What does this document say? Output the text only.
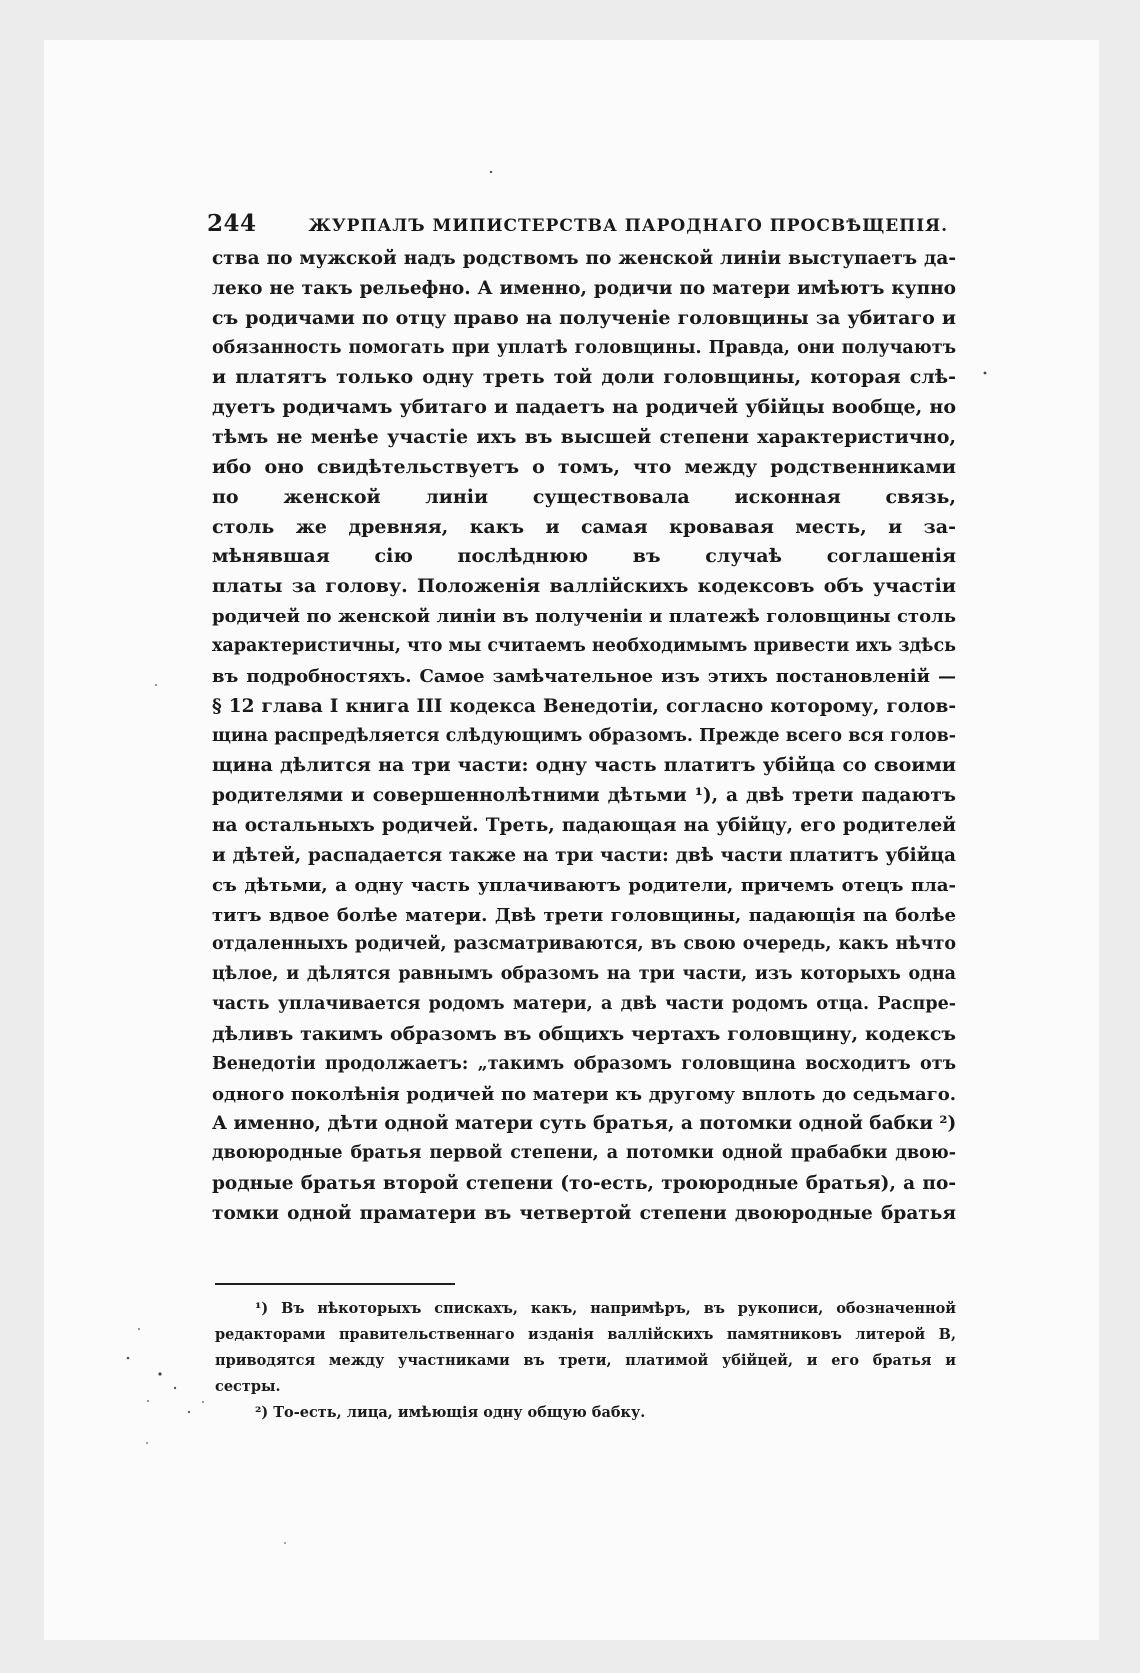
244	ЖУРПАЛЪ МИПИСТЕРСТВА ПАРОДНАГО ПРОСВѢЩЕПІЯ.
ства по мужской надъ родствомъ по женской линіи выступаетъ да-
леко не такъ рельефно. А именно, родичи по матери имѣютъ купно
съ родичами по отцу право на полученіе головщины за убитаго и
обязанность помогать при уплатѣ головщины. Правда, они получаютъ
и платятъ только одну треть той доли головщины, которая слѣ-
дуетъ родичамъ убитаго и падаетъ на родичей убійцы вообще, но
тѣмъ не менѣе участіе ихъ въ высшей степени характеристично,
ибо оно свидѣтельствуетъ о томъ, что между родственниками
по женской линіи существовала исконная связь,
столь же древняя, какъ и самая кровавая месть, и за-
мѣнявшая сію послѣднюю въ случаѣ соглашенія
платы за голову. Положенія валлійскихъ кодексовъ объ участіи
родичей по женской линіи въ полученіи и платежѣ головщины столь
характеристичны, что мы считаемъ необходимымъ привести ихъ здѣсь
въ подробностяхъ. Самое замѣчательное изъ этихъ постановленій —
§ 12 глава I книга III кодекса Венедотіи, согласно которому, голов-
щина распредѣляется слѣдующимъ образомъ. Прежде всего вся голов-
щина дѣлится на три части: одну часть платитъ убійца со своими
родителями и совершеннолѣтними дѣтьми ¹), а двѣ трети падаютъ
на остальныхъ родичей. Треть, падающая на убійцу, его родителей
и дѣтей, распадается также на три части: двѣ части платитъ убійца
съ дѣтьми, а одну часть уплачиваютъ родители, причемъ отецъ пла-
титъ вдвое болѣе матери. Двѣ трети головщины, падающія па болѣе
отдаленныхъ родичей, разсматриваются, въ свою очередь, какъ нѣчто
цѣлое, и дѣлятся равнымъ образомъ на три части, изъ которыхъ одна
часть уплачивается родомъ матери, а двѣ части родомъ отца. Распре-
дѣливъ такимъ образомъ въ общихъ чертахъ головщину, кодексъ
Венедотіи продолжаетъ: „такимъ образомъ головщина восходитъ отъ
одного поколѣнія родичей по матери къ другому вплоть до седьмаго.
А именно, дѣти одной матери суть братья, а потомки одной бабки ²)
двоюродные братья первой степени, а потомки одной прабабки двою-
родные братья второй степени (то-есть, троюродные братья), а по-
томки одной праматери въ четвертой степени двоюродные братья
¹) Въ нѣкоторыхъ спискахъ, какъ, напримѣръ, въ рукописи, обозначенной
редакторами правительственнаго изданія валлійскихъ памятниковъ литерой В,
приводятся между участниками въ трети, платимой убійцей, и его братья и
сестры.
²) То-есть, лица, имѣющія одну общую бабку.
